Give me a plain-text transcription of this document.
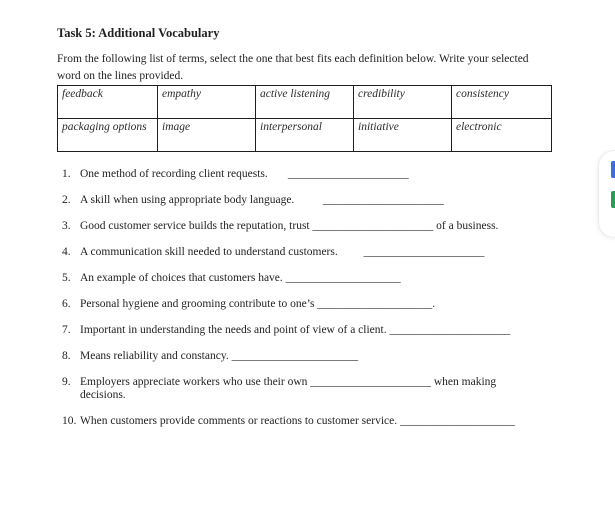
Task 5: Additional Vocabulary

From the following list of terms, select the one that best fits each definition below. Write your selected
word on the lines provided.

feedback	empathy	active listening	credibility	consistency
packaging options	image	interpersonal	initiative	electronic
1. One method of recording client requests.       _____________________
2. A skill when using appropriate body language.          _____________________
3. Good customer service builds the reputation, trust _____________________ of a business.
4. A communication skill needed to understand customers.         _____________________
5. An example of choices that customers have. ____________________
6. Personal hygiene and grooming contribute to one’s ____________________.
7. Important in understanding the needs and point of view of a client. _____________________
8. Means reliability and constancy. ______________________
9. Employers appreciate workers who use their own _____________________ when making
decisions.
10. When customers provide comments or reactions to customer service. ____________________
